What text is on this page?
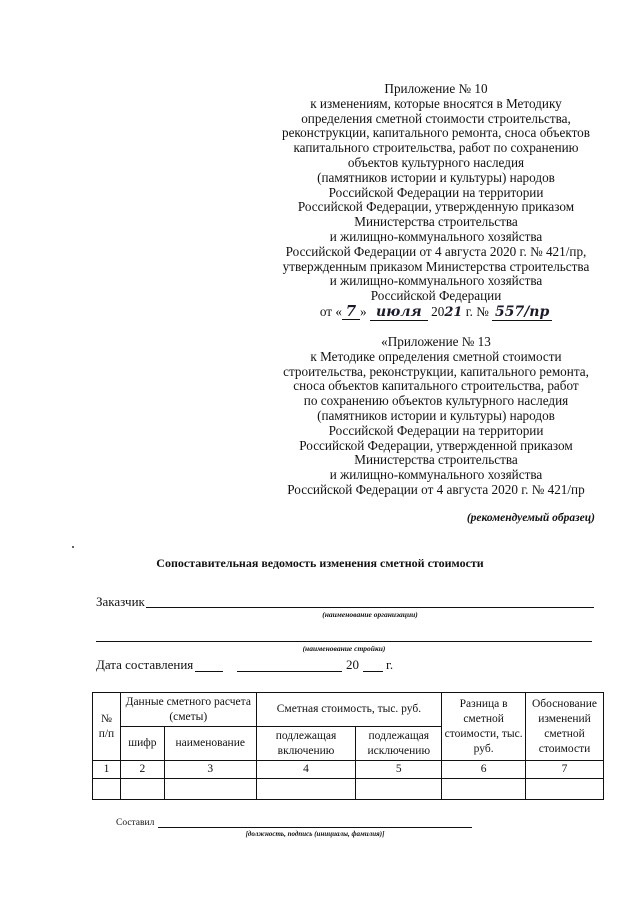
Приложение № 10
к изменениям, которые вносятся в Методику
определения сметной стоимости строительства,
реконструкции, капитального ремонта, сноса объектов
капитального строительства, работ по сохранению
объектов культурного наследия
(памятников истории и культуры) народов
Российской Федерации на территории
Российской Федерации, утвержденную приказом
Министерства строительства
и жилищно-коммунального хозяйства
Российской Федерации от 4 августа 2020 г. № 421/пр,
утвержденным приказом Министерства строительства
и жилищно-коммунального хозяйства
Российской Федерации
от « 7 » июля 2021 г. № 557/пр
«Приложение № 13
к Методике определения сметной стоимости
строительства, реконструкции, капитального ремонта,
сноса объектов капитального строительства, работ
по сохранению объектов культурного наследия
(памятников истории и культуры) народов
Российской Федерации на территории
Российской Федерации, утвержденной приказом
Министерства строительства
и жилищно-коммунального хозяйства
Российской Федерации от 4 августа 2020 г. № 421/пр
(рекомендуемый образец)
Сопоставительная ведомость изменения сметной стоимости
Заказчик
(наименование организации)
(наименование стройки)
Дата составления	20 г.
№ п/п	Данные сметного расчета (сметы)		Сметная стоимость, тыс. руб.		Разница в сметной стоимости, тыс. руб.	Обоснование изменений сметной стоимости
	шифр	наименование	подлежащая включению	подлежащая исключению		
1	2	3	4	5	6	7

Составил
[должность, подпись (инициалы, фамилия)]
